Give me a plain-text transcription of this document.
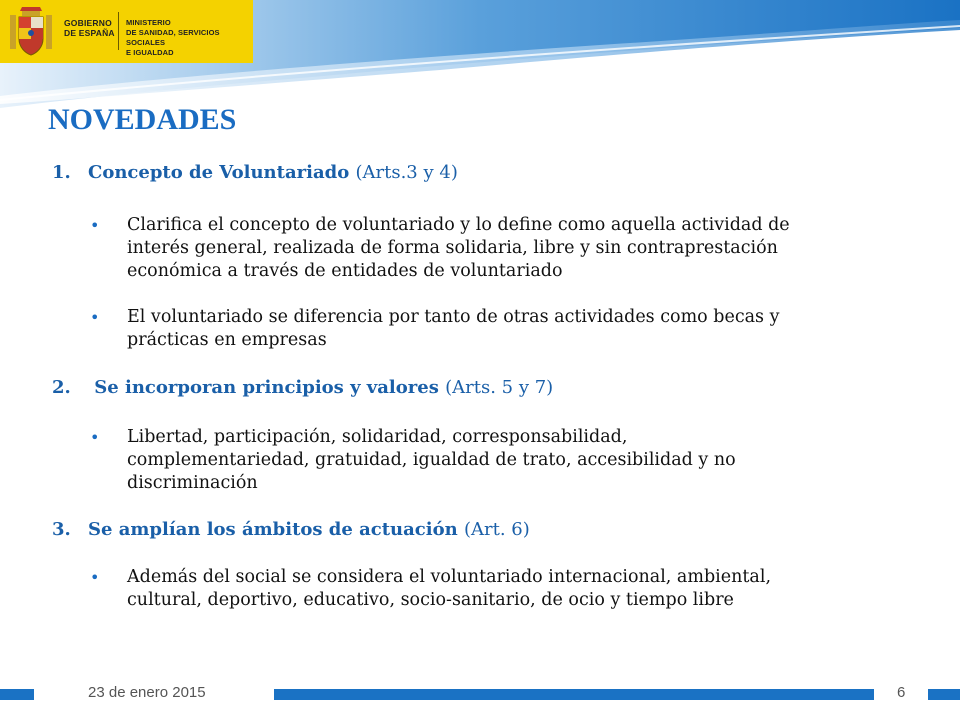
GOBIERNO
DE ESPAÑA
MINISTERIO
DE SANIDAD, SERVICIOS SOCIALES
E IGUALDAD
NOVEDADES
1. Concepto de Voluntariado (Arts.3 y 4)
• Clarifica el concepto de voluntariado y lo define como aquella actividad de
interés general, realizada de forma solidaria, libre y sin contraprestación
económica a través de entidades de voluntariado
• El voluntariado se diferencia por tanto de otras actividades como becas y
prácticas en empresas
2. Se incorporan principios y valores (Arts. 5 y 7)
• Libertad, participación, solidaridad, corresponsabilidad,
complementariedad, gratuidad, igualdad de trato, accesibilidad y no
discriminación
3. Se amplían los ámbitos de actuación (Art. 6)
• Además del social se considera el voluntariado internacional, ambiental,
cultural, deportivo, educativo, socio-sanitario, de ocio y tiempo libre
23 de enero 2015	6
